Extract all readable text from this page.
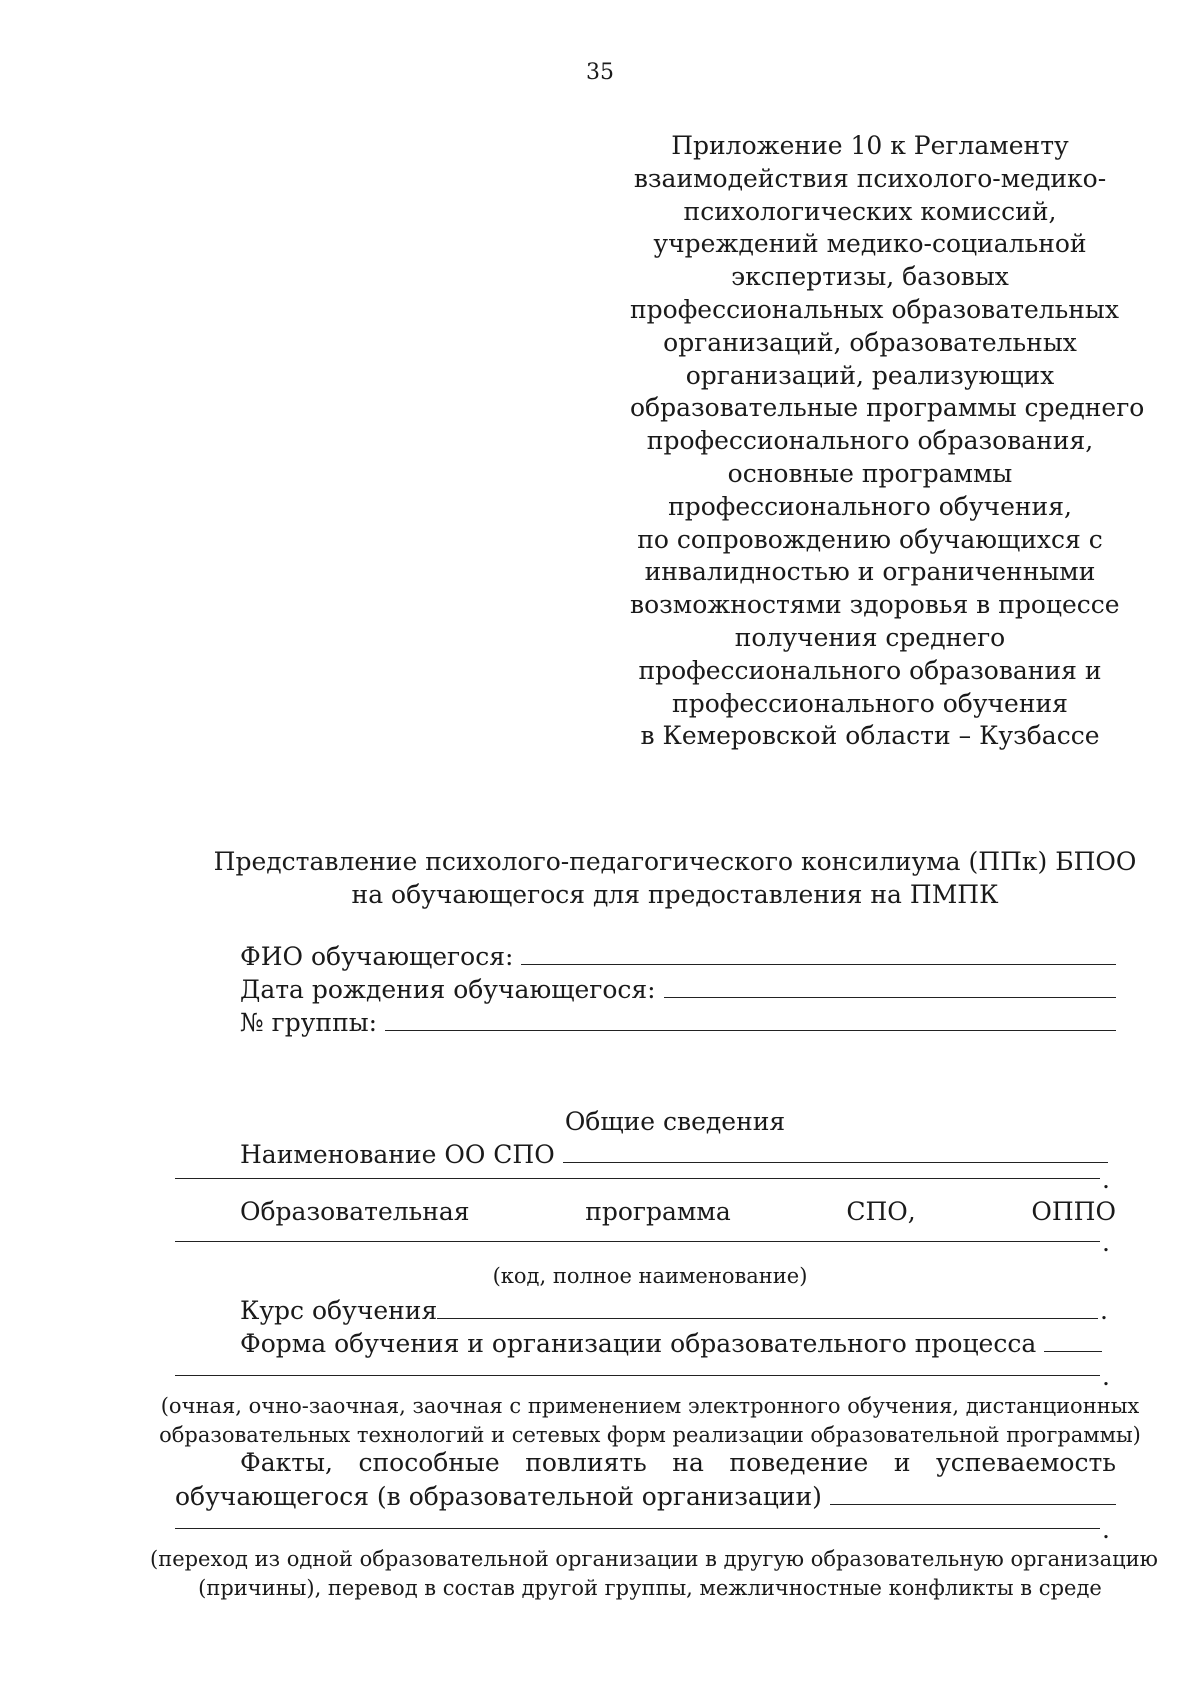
35
Приложение 10 к Регламенту
взаимодействия психолого-медико-
психологических комиссий,
учреждений медико-социальной
экспертизы, базовых
профессиональных образовательных
организаций, образовательных
организаций, реализующих
образовательные программы среднего
профессионального образования,
основные программы
профессионального обучения,
по сопровождению обучающихся с
инвалидностью и ограниченными
возможностями здоровья в процессе
получения среднего
профессионального образования и
профессионального обучения
в Кемеровской области – Кузбассе
Представление психолого-педагогического консилиума (ППк) БПОО
на обучающегося для предоставления на ПМПК
ФИО обучающегося:
Дата рождения обучающегося:
№ группы:
Общие сведения
Наименование ОО СПО
.
Образовательная	программа	СПО,	ОППО
.
(код, полное наименование)
Курс обучения	.
Форма обучения и организации образовательного процесса
.
(очная, очно-заочная, заочная с применением электронного обучения, дистанционных
образовательных технологий и сетевых форм реализации образовательной программы)
Факты, способные повлиять на поведение и успеваемость
обучающегося (в образовательной организации)
.
(переход из одной образовательной организации в другую образовательную организацию
(причины), перевод в состав другой группы, межличностные конфликты в среде
